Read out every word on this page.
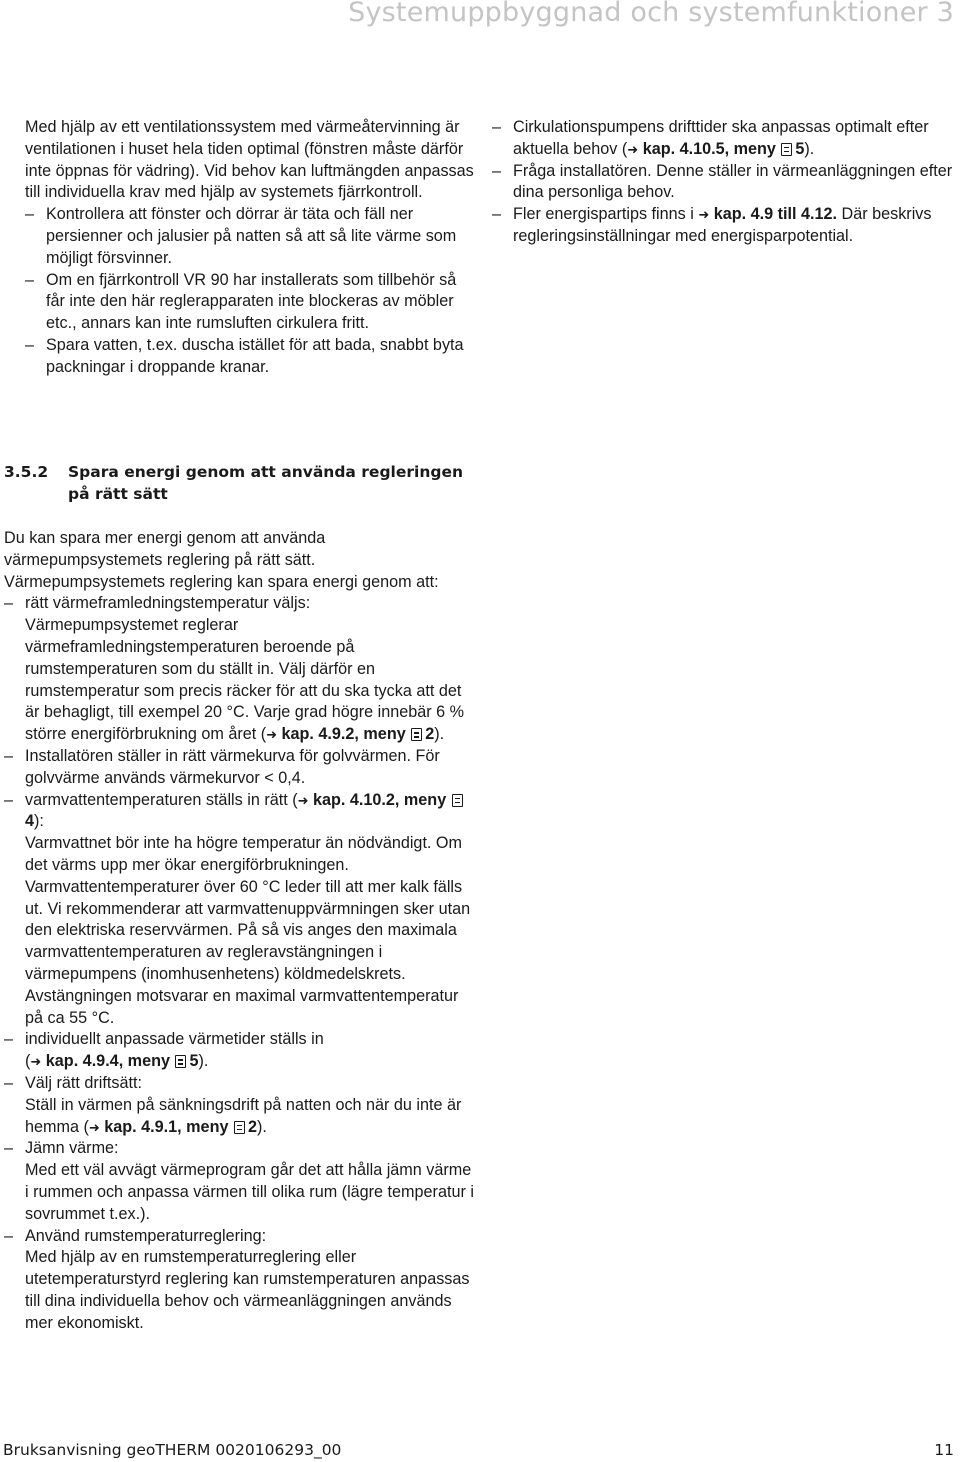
Systemuppbyggnad och systemfunktioner 3

Med hjälp av ett ventilationssystem med värmeåtervinning är ventilationen i huset hela tiden optimal (fönstren måste därför inte öppnas för vädring). Vid behov kan luftmängden anpassas till individuella krav med hjälp av systemets fjärrkontroll.

– Kontrollera att fönster och dörrar är täta och fäll ner persienner och jalusier på natten så att så lite värme som möjligt försvinner.

– Om en fjärrkontroll VR 90 har installerats som tillbehör så får inte den här reglerapparaten inte blockeras av möbler etc., annars kan inte rumsluften cirkulera fritt.

– Spara vatten, t.ex. duscha istället för att bada, snabbt byta packningar i droppande kranar.

– Cirkulationspumpens drifttider ska anpassas optimalt efter aktuella behov (➜ kap. 4.10.5, meny 5).

– Fråga installatören. Denne ställer in värmeanläggningen efter dina personliga behov.

– Fler energispartips finns i ➜ kap. 4.9 till 4.12. Där beskrivs regleringsinställningar med energisparpotential.

3.5.2 Spara energi genom att använda regleringen på rätt sätt

Du kan spara mer energi genom att använda värmepumpsystemets reglering på rätt sätt.

Värmepumpsystemets reglering kan spara energi genom att:

– rätt värmeframledningstemperatur väljs:
Värmepumpsystemet reglerar värmeframledningstemperaturen beroende på rumstemperaturen som du ställt in. Välj därför en rumstemperatur som precis räcker för att du ska tycka att det är behagligt, till exempel 20 °C. Varje grad högre innebär 6 % större energiförbrukning om året (➜ kap. 4.9.2, meny 2).

– Installatören ställer in rätt värmekurva för golvvärmen. För golvvärme används värmekurvor < 0,4.

– varmvattentemperaturen ställs in rätt (➜ kap. 4.10.2, meny 4):
Varmvattnet bör inte ha högre temperatur än nödvändigt. Om det värms upp mer ökar energiförbrukningen. Varmvattentemperaturer över 60 °C leder till att mer kalk fälls ut. Vi rekommenderar att varmvattenuppvärmningen sker utan den elektriska reservvärmen. På så vis anges den maximala varmvattentemperaturen av regleravstängningen i värmepumpens (inomhusenhetens) köldmedelskrets. Avstängningen motsvarar en maximal varmvattentemperatur på ca 55 °C.
– individuellt anpassade värmetider ställs in
(➜ kap. 4.9.4, meny 5).
– Välj rätt driftsätt:
Ställ in värmen på sänkningsdrift på natten och när du inte är hemma (➜ kap. 4.9.1, meny 2).
– Jämn värme:
Med ett väl avvägt värmeprogram går det att hålla jämn värme i rummen och anpassa värmen till olika rum (lägre temperatur i sovrummet t.ex.).
– Använd rumstemperaturreglering:
Med hjälp av en rumstemperaturreglering eller utetemperaturstyrd reglering kan rumstemperaturen anpassas till dina individuella behov och värmeanläggningen används mer ekonomiskt.
Bruksanvisning geoTHERM 0020106293_00	11
